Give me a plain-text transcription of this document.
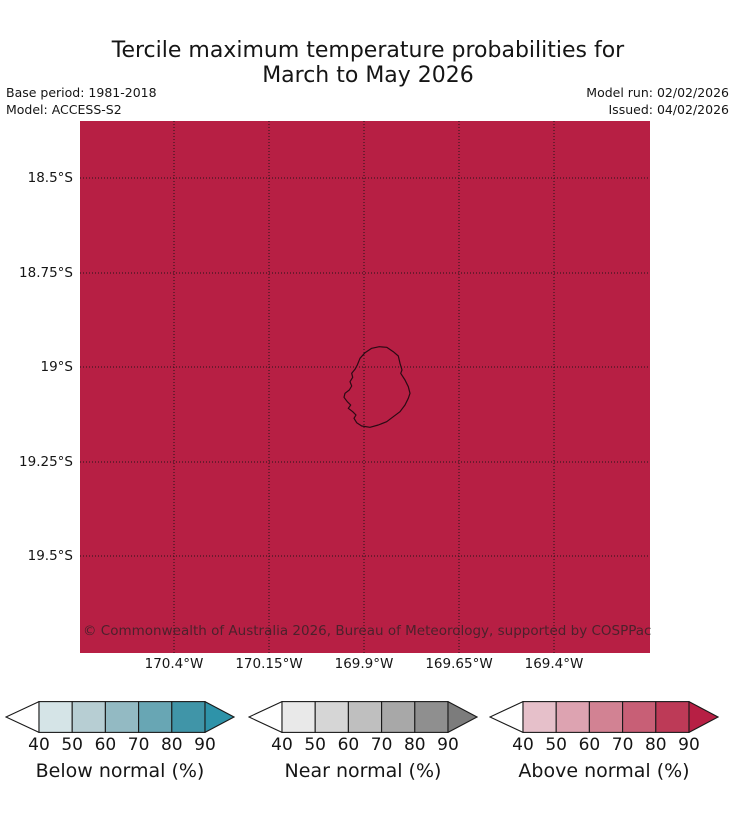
Tercile maximum temperature probabilities for
March to May 2026
Base period: 1981-2018
Model: ACCESS-S2
Model run: 02/02/2026
Issued: 04/02/2026
© Commonwealth of Australia 2026, Bureau of Meteorology, supported by COSPPac
18.5°S
18.75°S
19°S
19.25°S
19.5°S
170.4°W	170.15°W	169.9°W	169.65°W	169.4°W
40 50 60 70 80 90
Below normal (%)
40 50 60 70 80 90
Near normal (%)
40 50 60 70 80 90
Above normal (%)
